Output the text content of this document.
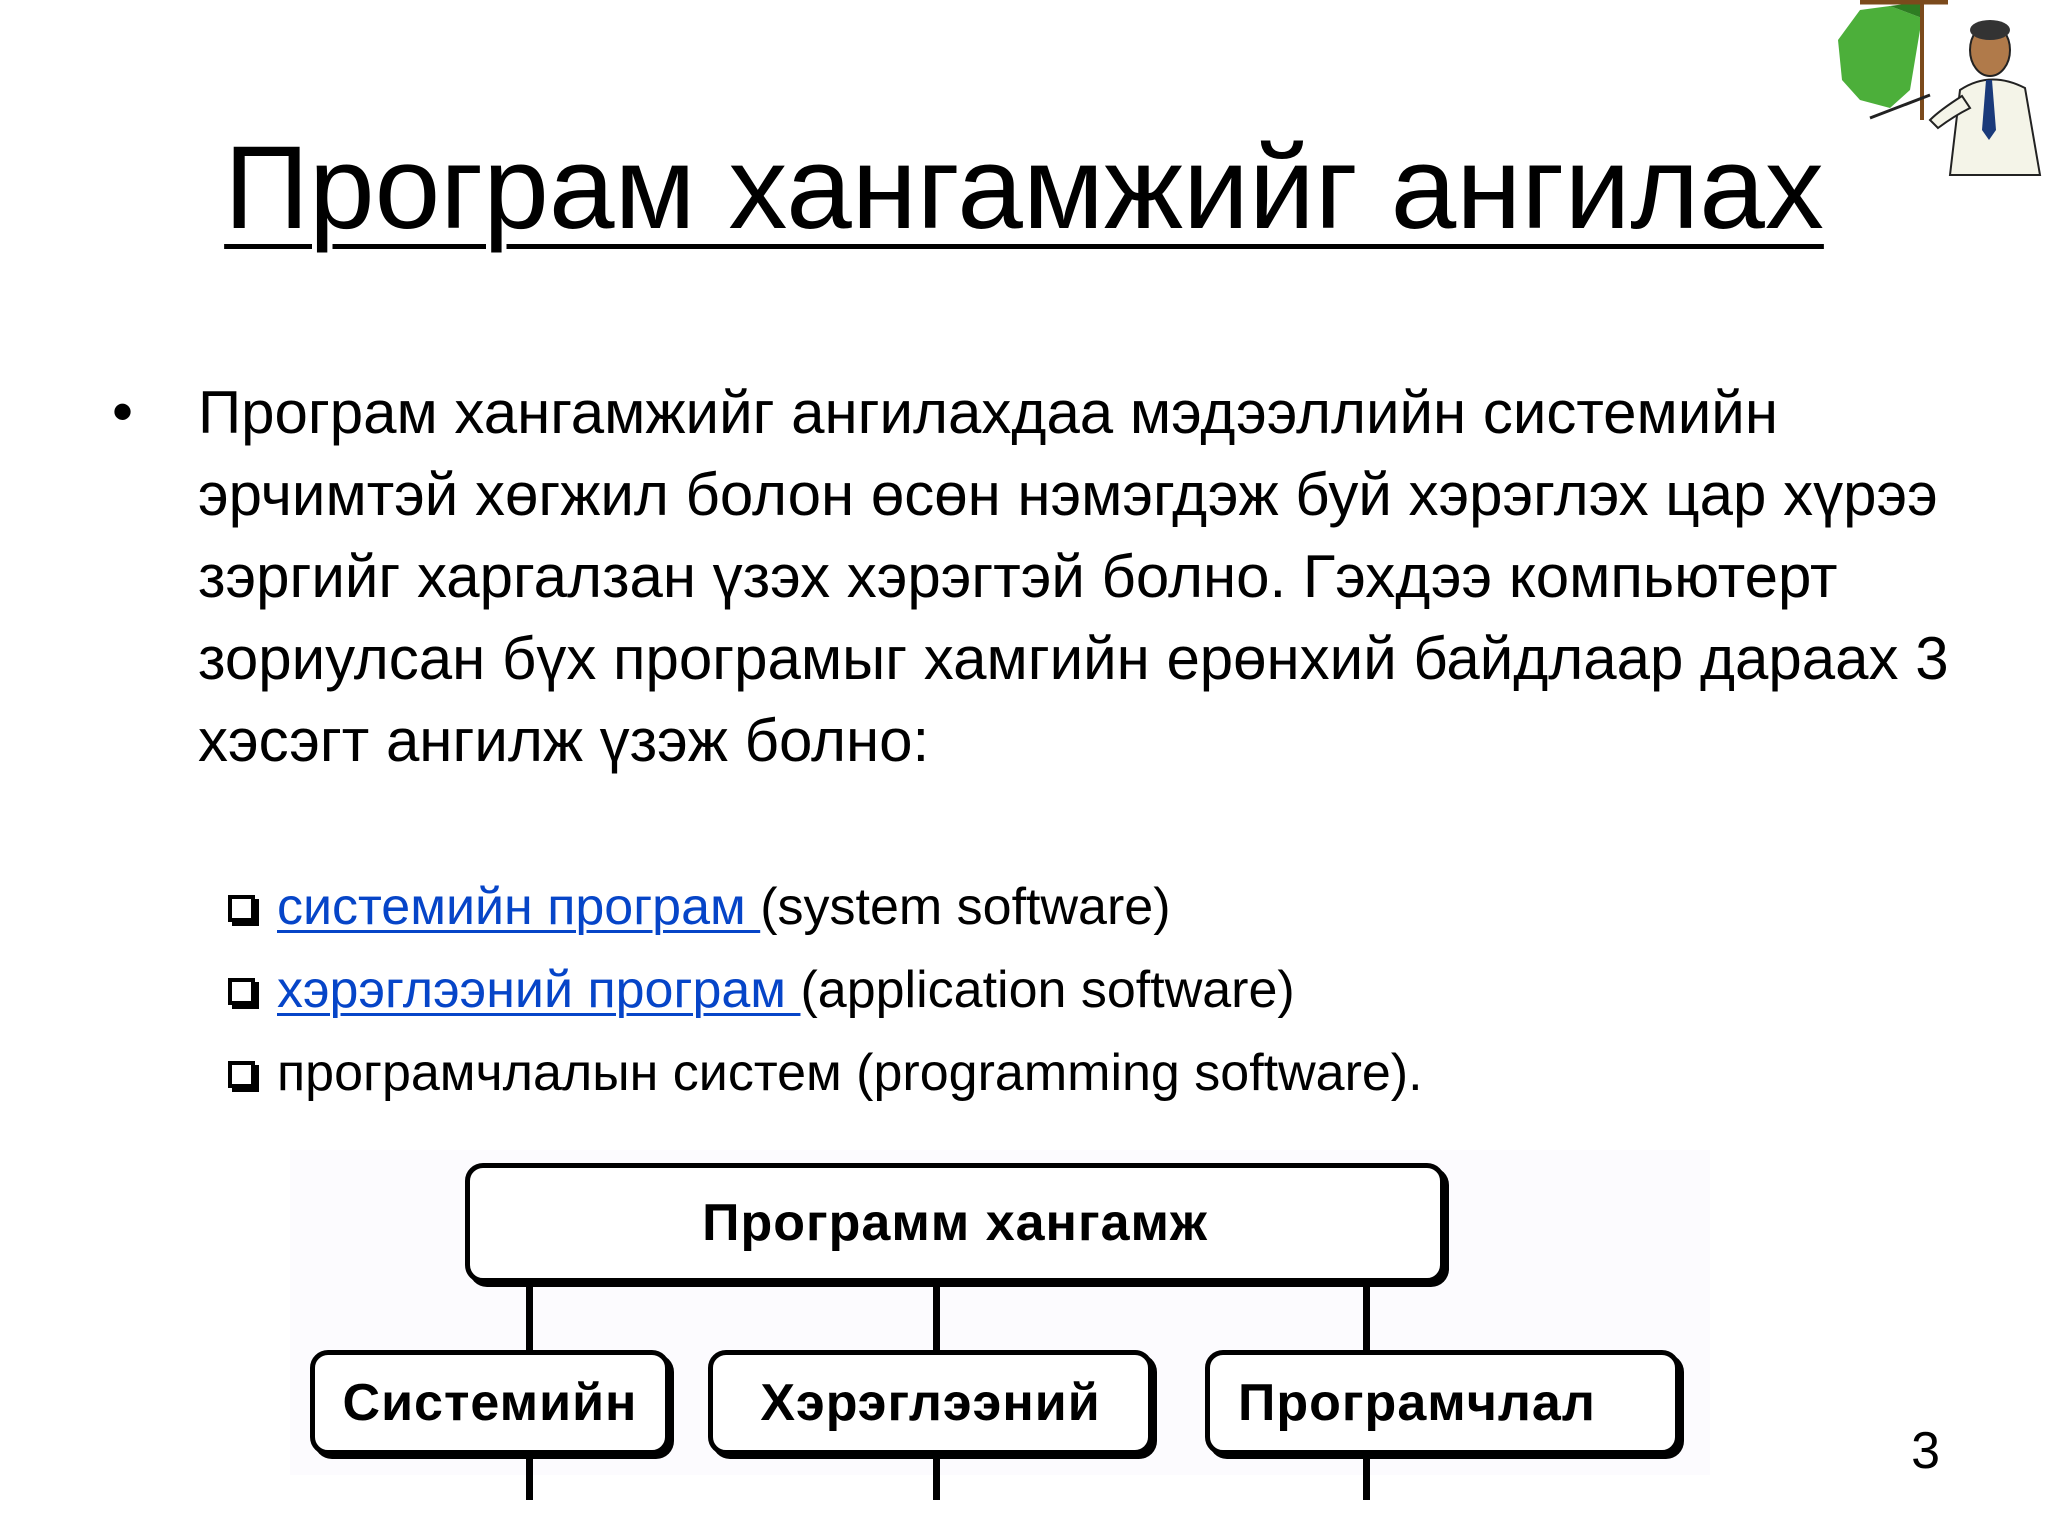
Програм хангамжийг ангилах
• Програм хангамжийг ангилахдаа мэдээллийн системийн эрчимтэй хөгжил болон өсөн нэмэгдэж буй хэрэглэх цар хүрээ зэргийг харгалзан үзэх хэрэгтэй болно. Гэхдээ компьютерт зориулсан бүх програмыг хамгийн ерөнхий байдлаар дараах 3 хэсэгт ангилж үзэж болно:

системийн програм (system software)
хэрэглээний програм (application software)
програмчлалын систем (programming software).
Программ хангамж
Системийн Хэрэглээний	Програмчлал
3
